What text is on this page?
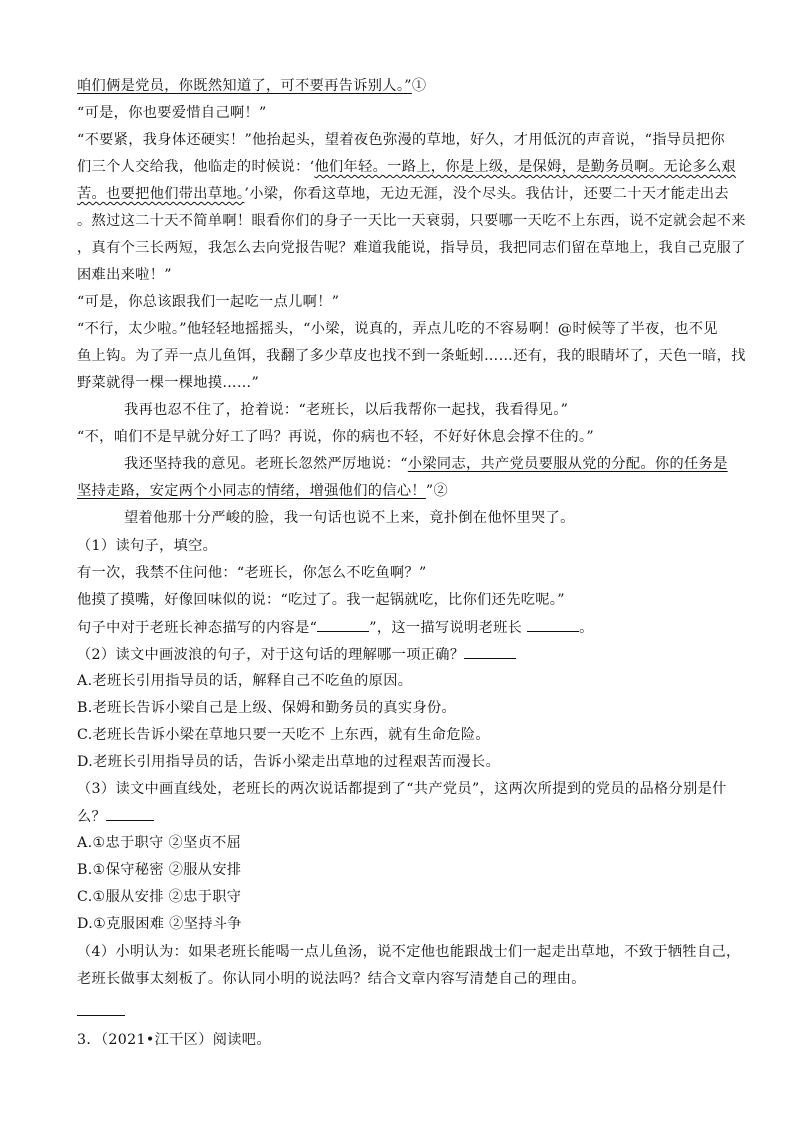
咱们俩是党员，你既然知道了，可不要再告诉别人。”①
“可是，你也要爱惜自己啊！”
“不要紧，我身体还硬实！”他抬起头，望着夜色弥漫的草地，好久，才用低沉的声音说，“指导员把你
们三个人交给我，他临走的时候说：‘他们年轻。一路上，你是上级，是保姆，是勤务员啊。无论多么艰
苦。也要把他们带出草地。’小梁，你看这草地，无边无涯，没个尽头。我估计，还要二十天才能走出去
。熬过这二十天不简单啊！眼看你们的身子一天比一天衰弱，只要哪一天吃不上东西，说不定就会起不来
，真有个三长两短，我怎么去向党报告呢？难道我能说，指导员，我把同志们留在草地上，我自己克服了
困难出来啦！”
“可是，你总该跟我们一起吃一点儿啊！”
“不行，太少啦。”他轻轻地摇摇头，“小梁，说真的，弄点儿吃的不容易啊！@时候等了半夜，也不见
鱼上钩。为了弄一点儿鱼饵，我翻了多少草皮也找不到一条蚯蚓……还有，我的眼睛坏了，天色一暗，找
野菜就得一棵一棵地摸……”
我再也忍不住了，抢着说：“老班长，以后我帮你一起找，我看得见。”
“不，咱们不是早就分好工了吗？再说，你的病也不轻，不好好休息会撑不住的。”
我还坚持我的意见。老班长忽然严厉地说：“小梁同志，共产党员要服从党的分配。你的任务是
坚持走路，安定两个小同志的情绪，增强他们的信心！”②
望着他那十分严峻的脸，我一句话也说不上来，竟扑倒在他怀里哭了。
（1）读句子，填空。
有一次，我禁不住问他：“老班长，你怎么不吃鱼啊？”
他摸了摸嘴，好像回味似的说：“吃过了。我一起锅就吃，比你们还先吃呢。”
句子中对于老班长神态描写的内容是“	”，这一描写说明老班长	。
（2）读文中画波浪的句子，对于这句话的理解哪一项正确？
A.老班长引用指导员的话，解释自己不吃鱼的原因。
B.老班长告诉小梁自己是上级、保姆和勤务员的真实身份。
C.老班长告诉小梁在草地只要一天吃不 上东西，就有生命危险。
D.老班长引用指导员的话，告诉小梁走出草地的过程艰苦而漫长。
（3）读文中画直线处，老班长的两次说话都提到了“共产党员”，这两次所提到的党员的品格分别是什
么？
A.①忠于职守 ②坚贞不屈
B.①保守秘密 ②服从安排
C.①服从安排 ②忠于职守
D.①克服困难 ②坚持斗争
（4）小明认为：如果老班长能喝一点儿鱼汤，说不定他也能跟战士们一起走出草地，不致于牺牲自己，
老班长做事太刻板了。你认同小明的说法吗？结合文章内容写清楚自己的理由。
3．（2021•江干区）阅读吧。
